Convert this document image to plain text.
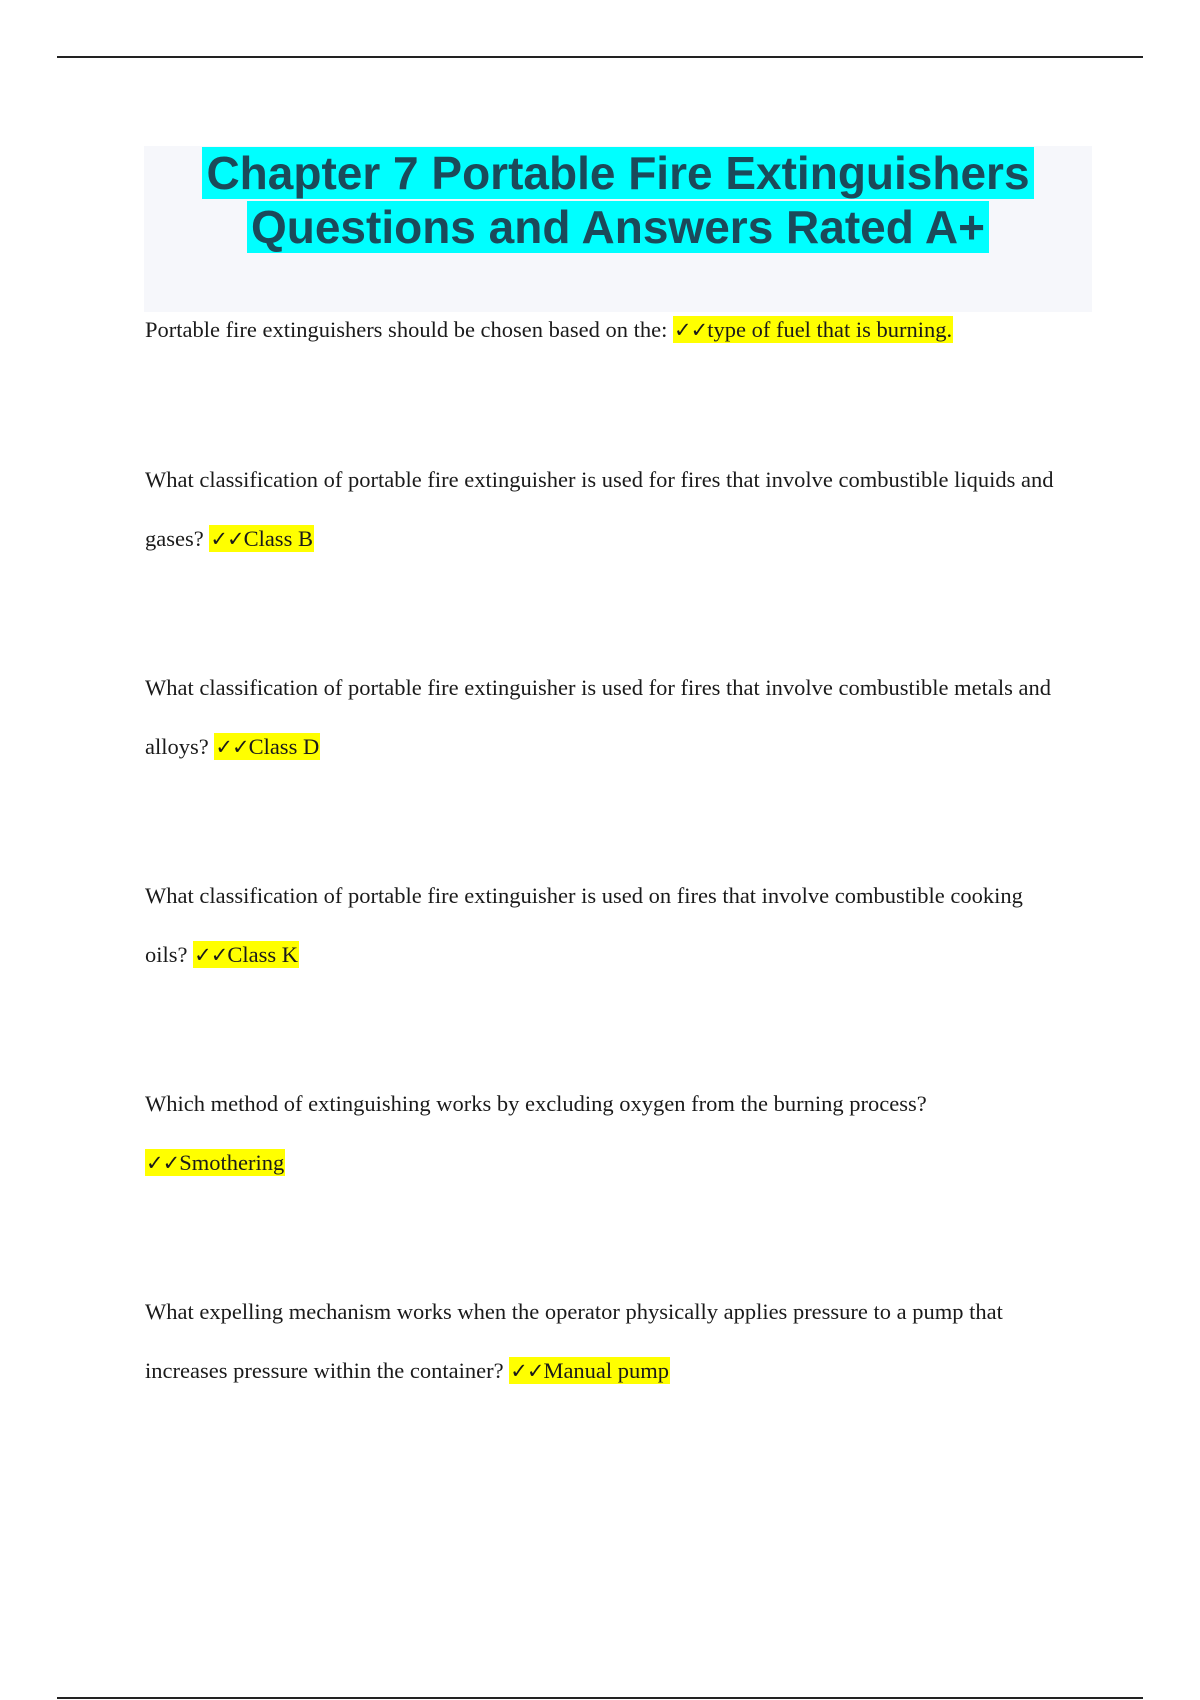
Chapter 7 Portable Fire Extinguishers
Questions and Answers Rated A+

Portable fire extinguishers should be chosen based on the: ✓✓type of fuel that is burning.

What classification of portable fire extinguisher is used for fires that involve combustible liquids and gases? ✓✓Class B

What classification of portable fire extinguisher is used for fires that involve combustible metals and alloys? ✓✓Class D

What classification of portable fire extinguisher is used on fires that involve combustible cooking oils? ✓✓Class K

Which method of extinguishing works by excluding oxygen from the burning process? ✓✓Smothering

What expelling mechanism works when the operator physically applies pressure to a pump that increases pressure within the container? ✓✓Manual pump
